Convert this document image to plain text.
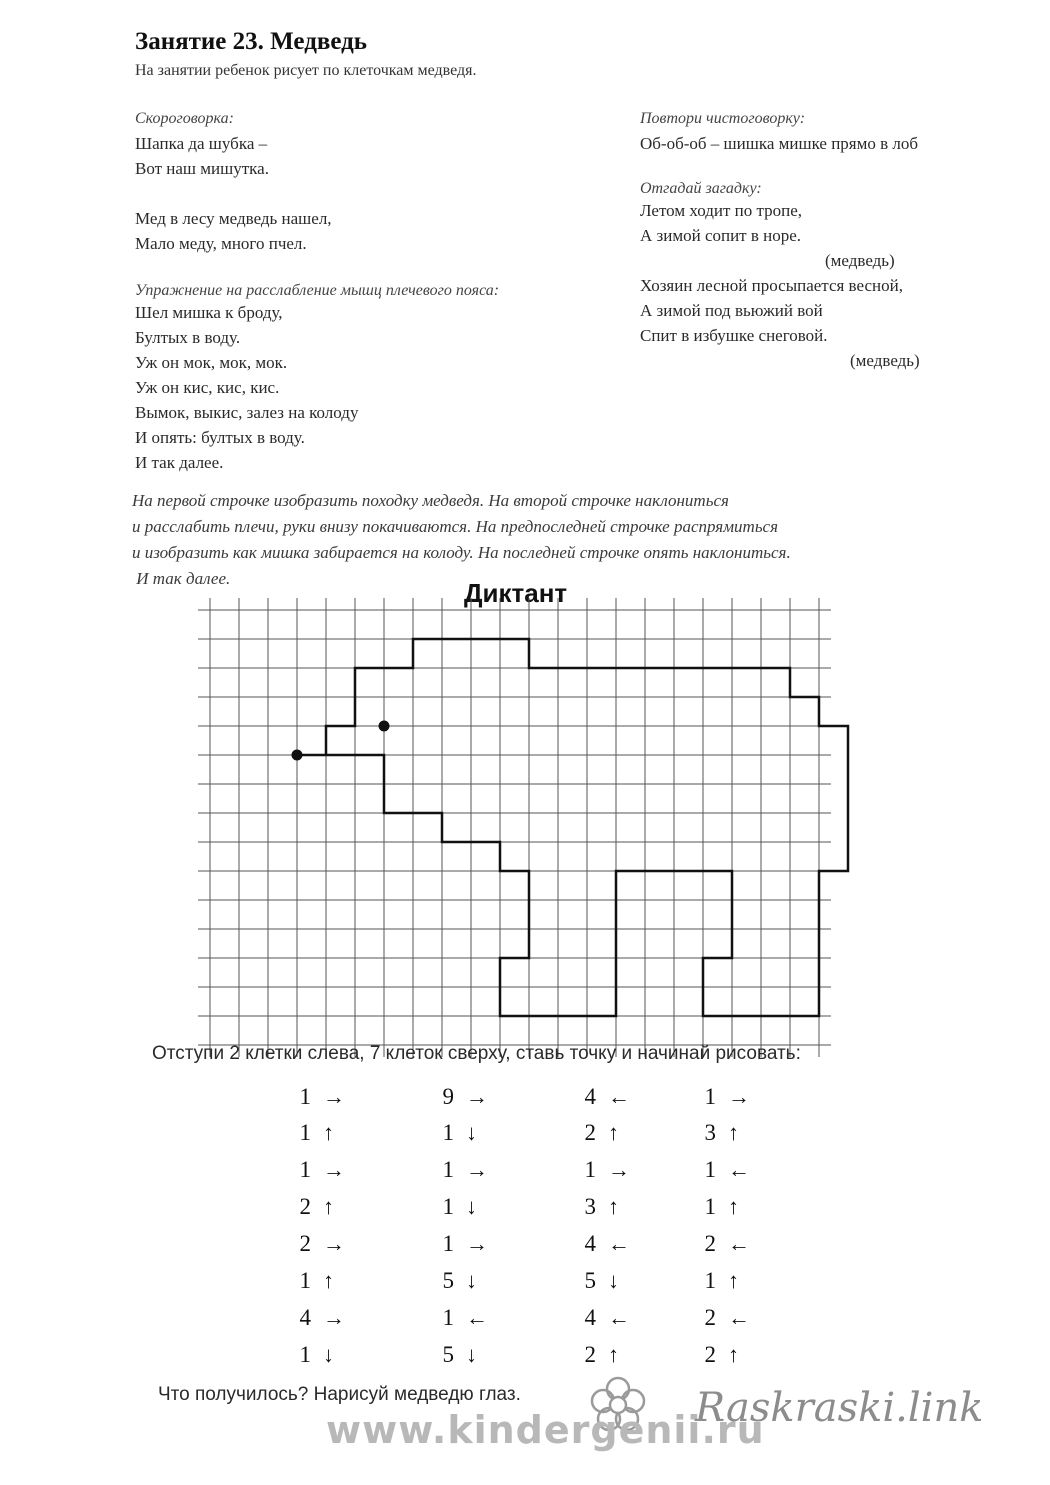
Занятие 23. Медведь
На занятии ребенок рисует по клеточкам медведя.
Скороговорка:
Шапка да шубка –
Вот наш мишутка.
Мед в лесу медведь нашел,
Мало меду, много пчел.
Упражнение на расслабление мышц плечевого пояса:
Шел мишка к броду,
Бултых в воду.
Уж он мок, мок, мок.
Уж он кис, кис, кис.
Вымок, выкис, залез на колоду
И опять: бултых в воду.
И так далее.
Повтори чистоговорку:
Об-об-об – шишка мишке прямо в лоб
Отгадай загадку:
Летом ходит по тропе,
А зимой сопит в норе.
(медведь)
Хозяин лесной просыпается весной,
А зимой под вьюжий вой
Спит в избушке снеговой.
(медведь)
На первой строчке изобразить походку медведя. На второй строчке наклониться
и расслабить плечи, руки внизу покачиваются. На предпоследней строчке распрямиться
и изобразить как мишка забирается на колоду. На последней строчке опять наклониться.
И так далее.	Диктант
Отступи 2 клетки слева, 7 клеток сверху, ставь точку и начинай рисовать:
1 →
1 ↑
1 →
2 ↑
2 →
1 ↑
4 →
1 ↓
9 →
1 ↓
1 →
1 ↓
1 →
5 ↓
1 ←
5 ↓
4 ←
2 ↑
1 →
3 ↑
4 ←
5 ↓
4 ←
2 ↑
1 →
3 ↑
1 ←
1 ↑
2 ←
1 ↑
2 ←
2 ↑
Что получилось? Нарисуй медведю глаз.
www.kindergenii.ru
Raskraski.link
